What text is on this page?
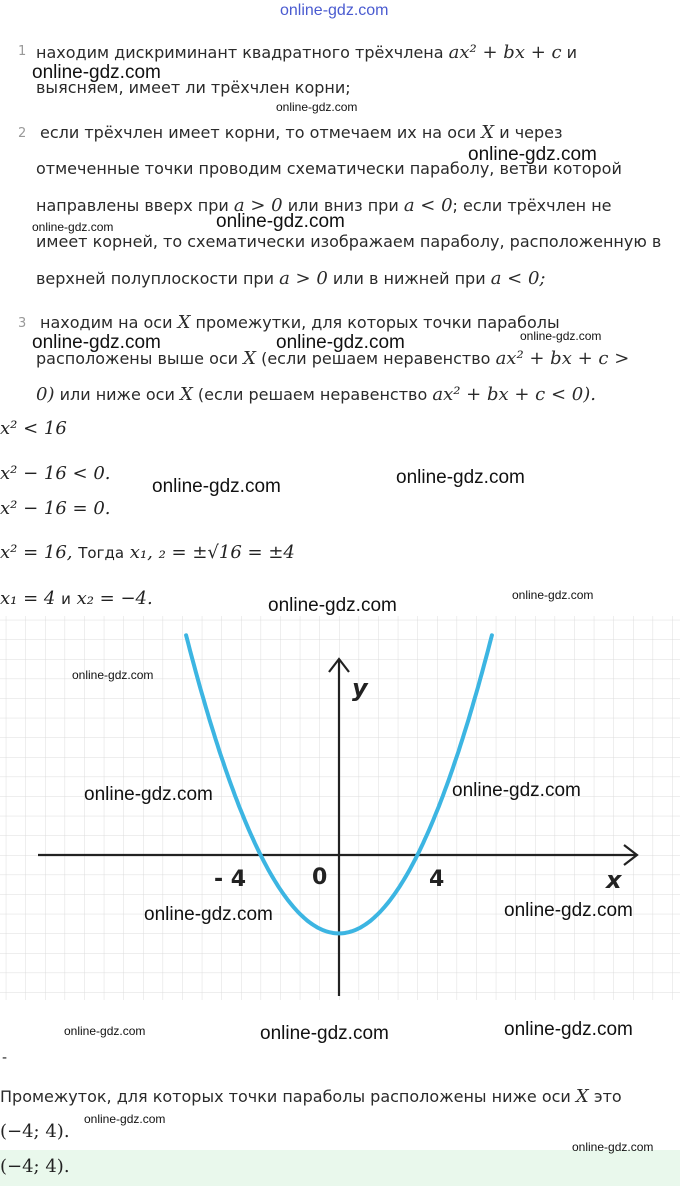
online-gdz.com
1 находим дискриминант квадратного трёхчлена ax² + bx + c и
выясняем, имеет ли трёхчлен корни;
2 если трёхчлен имеет корни, то отмечаем их на оси X и через
отмеченные точки проводим схематически параболу, ветви которой
направлены вверх при a > 0 или вниз при a < 0; если трёхчлен не
имеет корней, то схематически изображаем параболу, расположенную в
верхней полуплоскости при a > 0 или в нижней при a < 0;
3 находим на оси X промежутки, для которых точки параболы
расположены выше оси X (если решаем неравенство ax² + bx + c >
0) или ниже оси X (если решаем неравенство ax² + bx + c < 0).
x² < 16
x² − 16 < 0.
x² − 16 = 0.
x² = 16, Тогда x₁, ₂ = ±√16 = ±4
x₁ = 4 и x₂ = −4.
y
x
- 4	0	4
-
Промежуток, для которых точки параболы расположены ниже оси X это
(−4; 4).
(−4; 4).
online-gdz.com
online-gdz.com
online-gdz.com
online-gdz.com	online-gdz.com
online-gdz.com
online-gdz.com	online-gdz.com
online-gdz.com
online-gdz.com
online-gdz.com
online-gdz.com
online-gdz.com
online-gdz.com	online-gdz.com
online-gdz.com	online-gdz.com
online-gdz.com	online-gdz.com	online-gdz.com
online-gdz.com
online-gdz.com
